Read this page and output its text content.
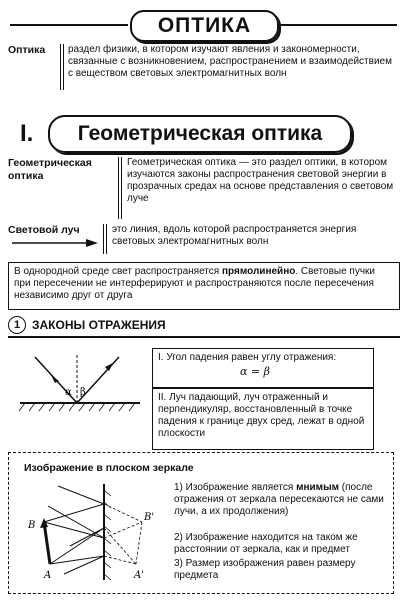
ОПТИКА
Оптика раздел физики, в котором изучают явления и закономерности, связанные с возникновением, распространением и взаимодействием с веществом световых электромагнитных волн
I.	Геометрическая оптика
Геометрическая оптика
Геометрическая оптика — это раздел оптики, в котором изучаются законы распространения световой энергии в прозрачных средах на основе представления о световом луче
Световой луч	это линия, вдоль которой распространяется энергия световых электромагнитных волн
В однородной среде свет распространяется прямолинейно. Световые пучки при пересечении не интерферируют и распространяются после пересечения независимо друг от друга
1 ЗАКОНЫ ОТРАЖЕНИЯ
α β
I. Угол падения равен углу отражения:
α = β
II. Луч падающий, луч отраженный и перпендикуляр, восстановленный в точке падения к границе двух сред, лежат в одной плоскости
Изображение в плоском зеркале
B
A
B'
A'
1) Изображение является мнимым (после отражения от зеркала пересекаются не сами лучи, а их продолжения)
2) Изображение находится на таком же расстоянии от зеркала, как и предмет
3) Размер изображения равен размеру предмета
